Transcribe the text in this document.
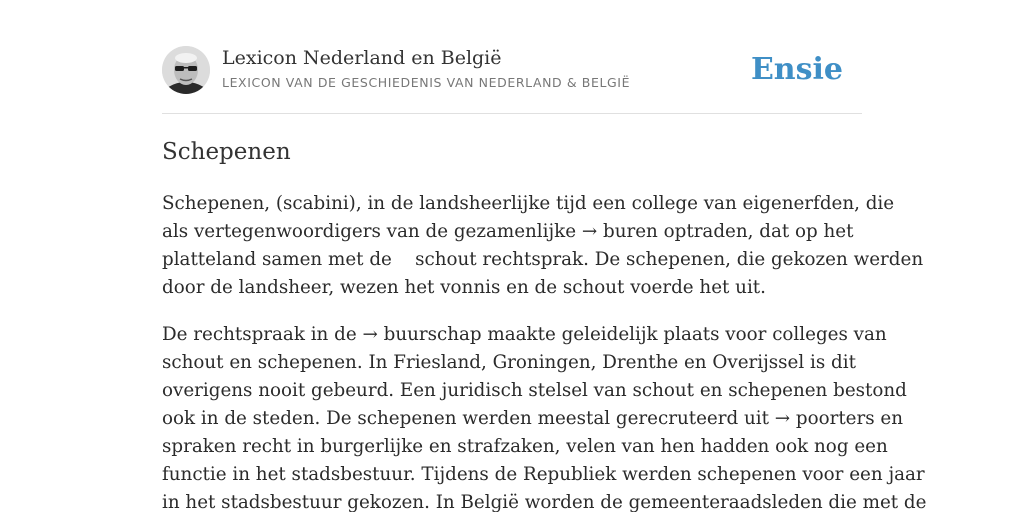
Lexicon Nederland en België
LEXICON VAN DE GESCHIEDENIS VAN NEDERLAND & BELGIË	Ensie
Schepenen

Schepenen, (scabini), in de landsheerlijke tijd een college van eigenerfden, die
als vertegenwoordigers van de gezamenlijke → buren optraden, dat op het
platteland samen met de    schout rechtsprak. De schepenen, die gekozen werden
door de landsheer, wezen het vonnis en de schout voerde het uit.

De rechtspraak in de → buurschap maakte geleidelijk plaats voor colleges van
schout en schepenen. In Friesland, Groningen, Drenthe en Overijssel is dit
overigens nooit gebeurd. Een juridisch stelsel van schout en schepenen bestond
ook in de steden. De schepenen werden meestal gerecruteerd uit → poorters en
spraken recht in burgerlijke en strafzaken, velen van hen hadden ook nog een
functie in het stadsbestuur. Tijdens de Republiek werden schepenen voor een jaar
in het stadsbestuur gekozen. In België worden de gemeenteraadsleden die met de
